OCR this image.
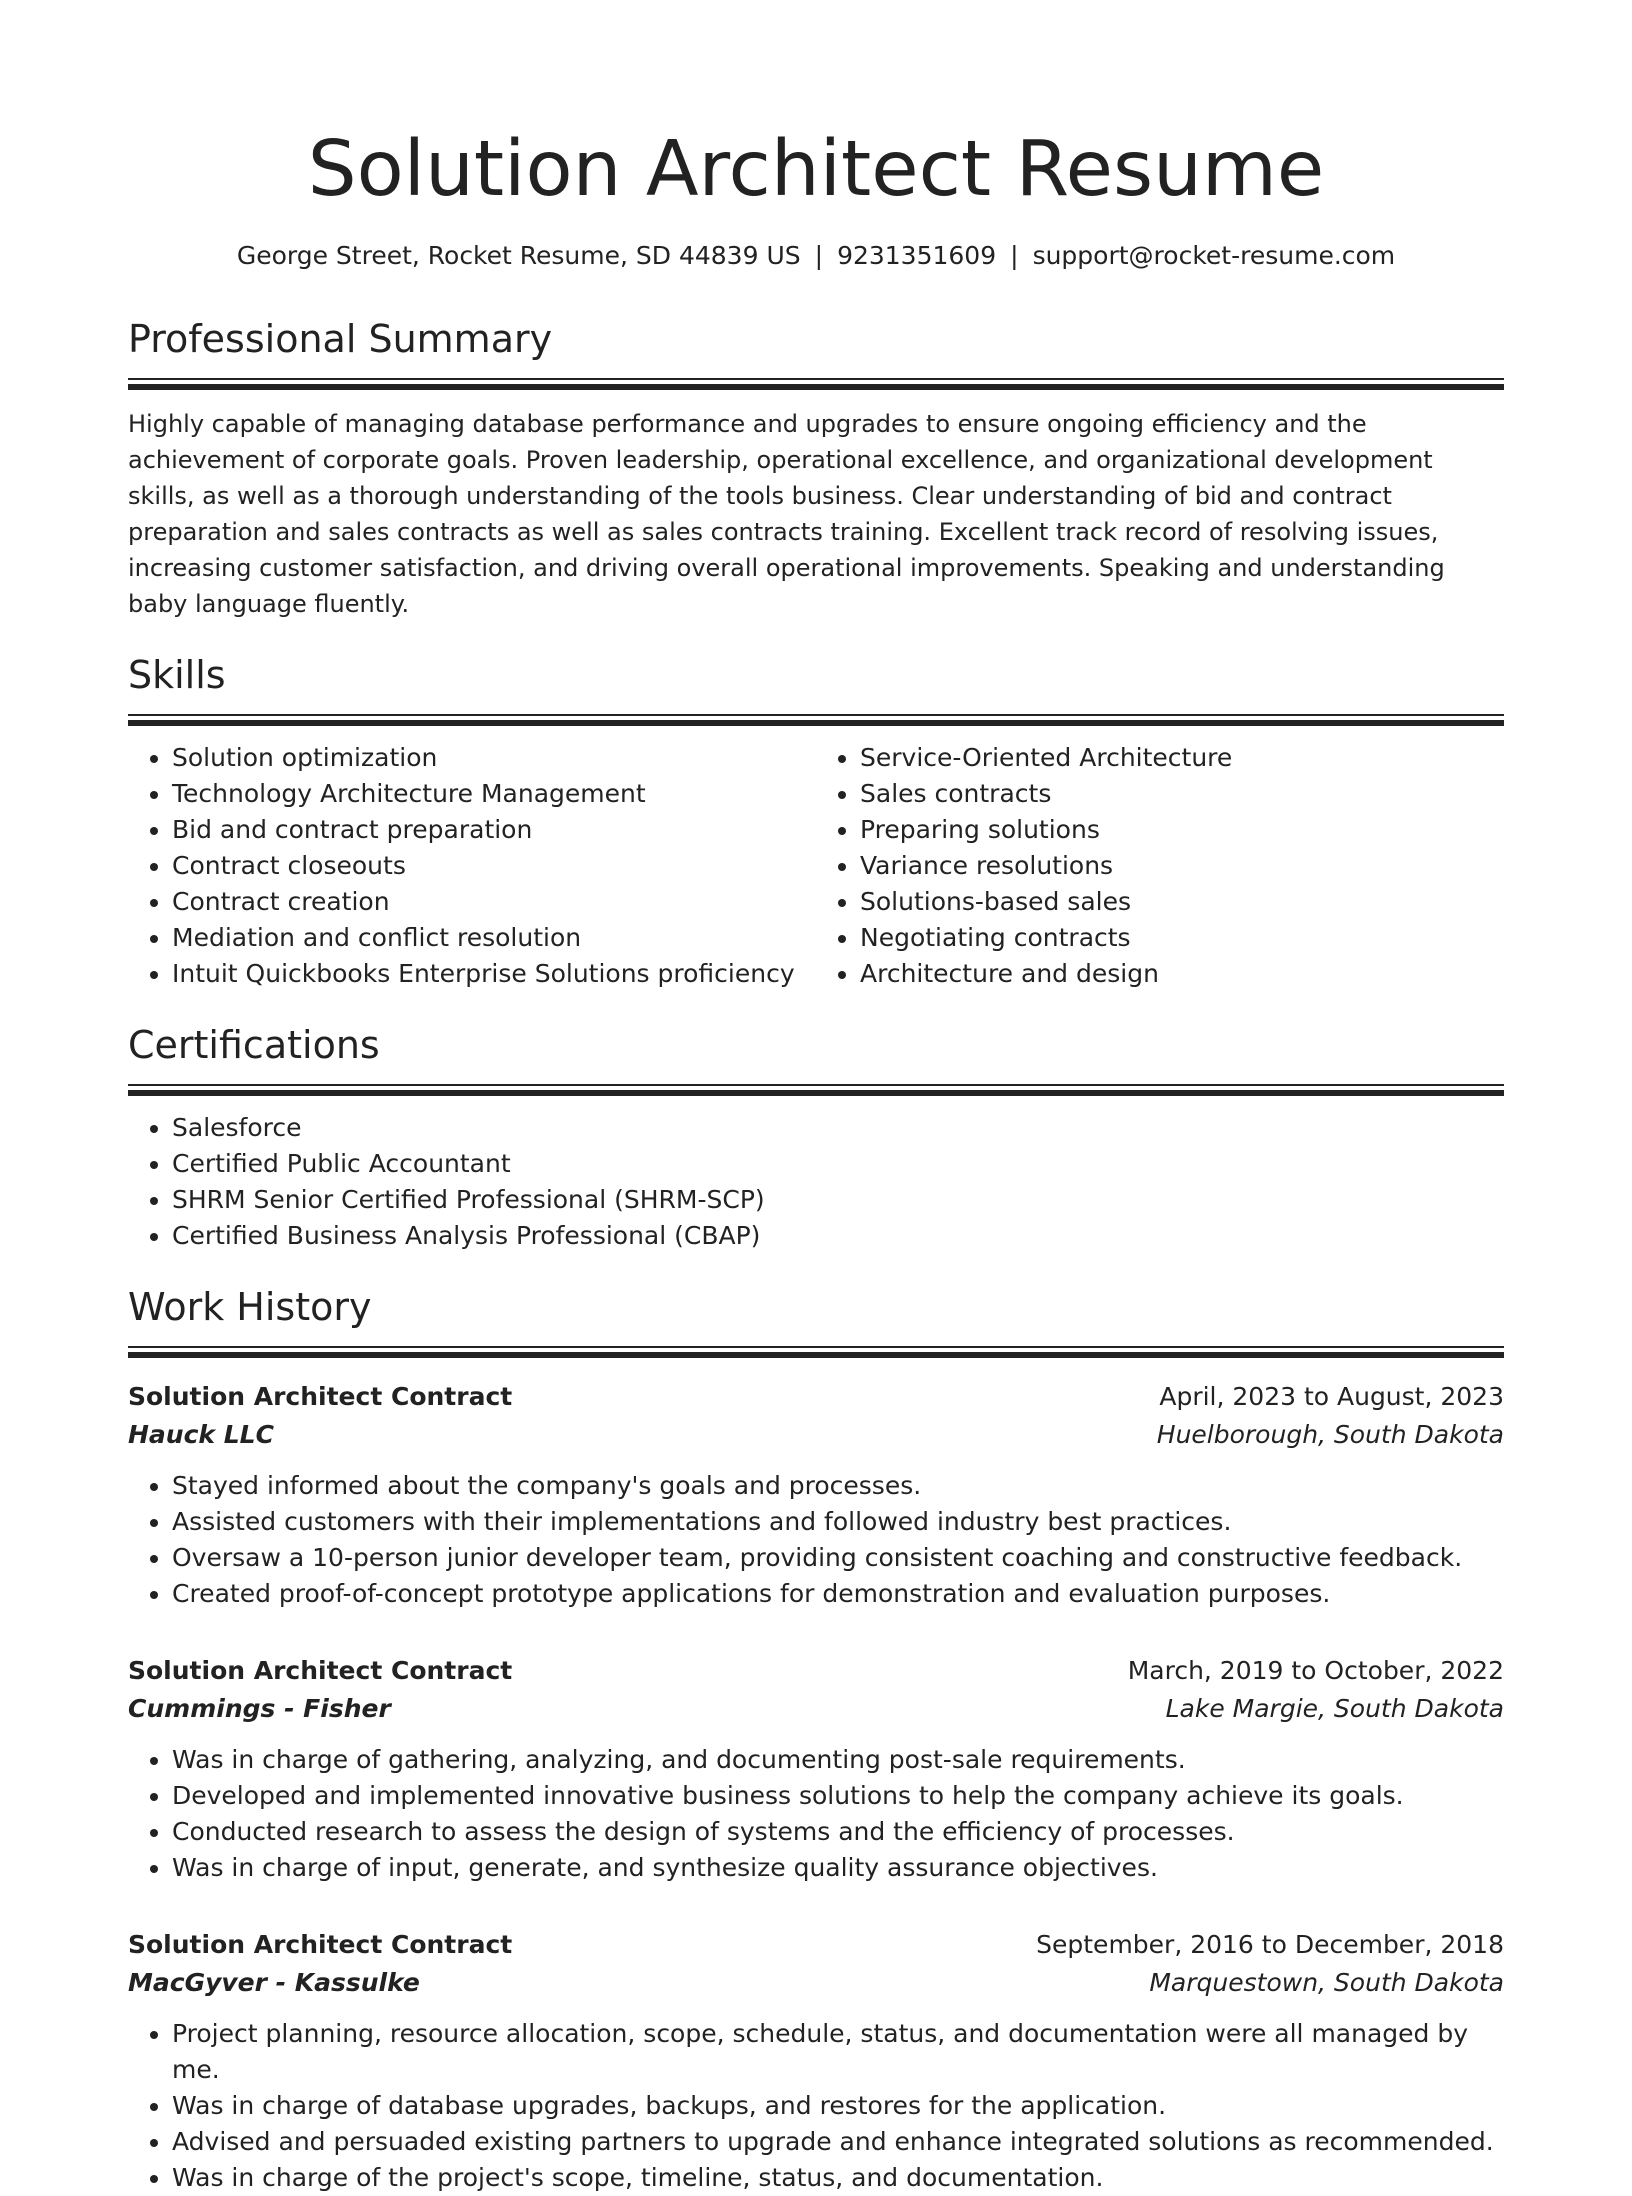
Solution Architect Resume
George Street, Rocket Resume, SD 44839 US | 9231351609 | support@rocket-resume.com
Professional Summary

Highly capable of managing database performance and upgrades to ensure ongoing efficiency and the achievement of corporate goals. Proven leadership, operational excellence, and organizational development skills, as well as a thorough understanding of the tools business. Clear understanding of bid and contract preparation and sales contracts as well as sales contracts training. Excellent track record of resolving issues, increasing customer satisfaction, and driving overall operational improvements. Speaking and understanding baby language fluently.

Skills
• Solution optimization
• Technology Architecture Management
• Bid and contract preparation
• Contract closeouts
• Contract creation
• Mediation and conflict resolution
• Intuit Quickbooks Enterprise Solutions proficiency
• Service-Oriented Architecture
• Sales contracts
• Preparing solutions
• Variance resolutions
• Solutions-based sales
• Negotiating contracts
• Architecture and design
Certifications
• Salesforce
• Certified Public Accountant
• SHRM Senior Certified Professional (SHRM-SCP)
• Certified Business Analysis Professional (CBAP)
Work History
Solution Architect Contract	April, 2023 to August, 2023
Hauck LLC	Huelborough, South Dakota
• Stayed informed about the company's goals and processes.
• Assisted customers with their implementations and followed industry best practices.
• Oversaw a 10-person junior developer team, providing consistent coaching and constructive feedback.
• Created proof-of-concept prototype applications for demonstration and evaluation purposes.
Solution Architect Contract	March, 2019 to October, 2022
Cummings - Fisher	Lake Margie, South Dakota
• Was in charge of gathering, analyzing, and documenting post-sale requirements.
• Developed and implemented innovative business solutions to help the company achieve its goals.
• Conducted research to assess the design of systems and the efficiency of processes.
• Was in charge of input, generate, and synthesize quality assurance objectives.
Solution Architect Contract	September, 2016 to December, 2018
MacGyver - Kassulke	Marquestown, South Dakota
• Project planning, resource allocation, scope, schedule, status, and documentation were all managed by me.
• Was in charge of database upgrades, backups, and restores for the application.
• Advised and persuaded existing partners to upgrade and enhance integrated solutions as recommended.
• Was in charge of the project's scope, timeline, status, and documentation.
